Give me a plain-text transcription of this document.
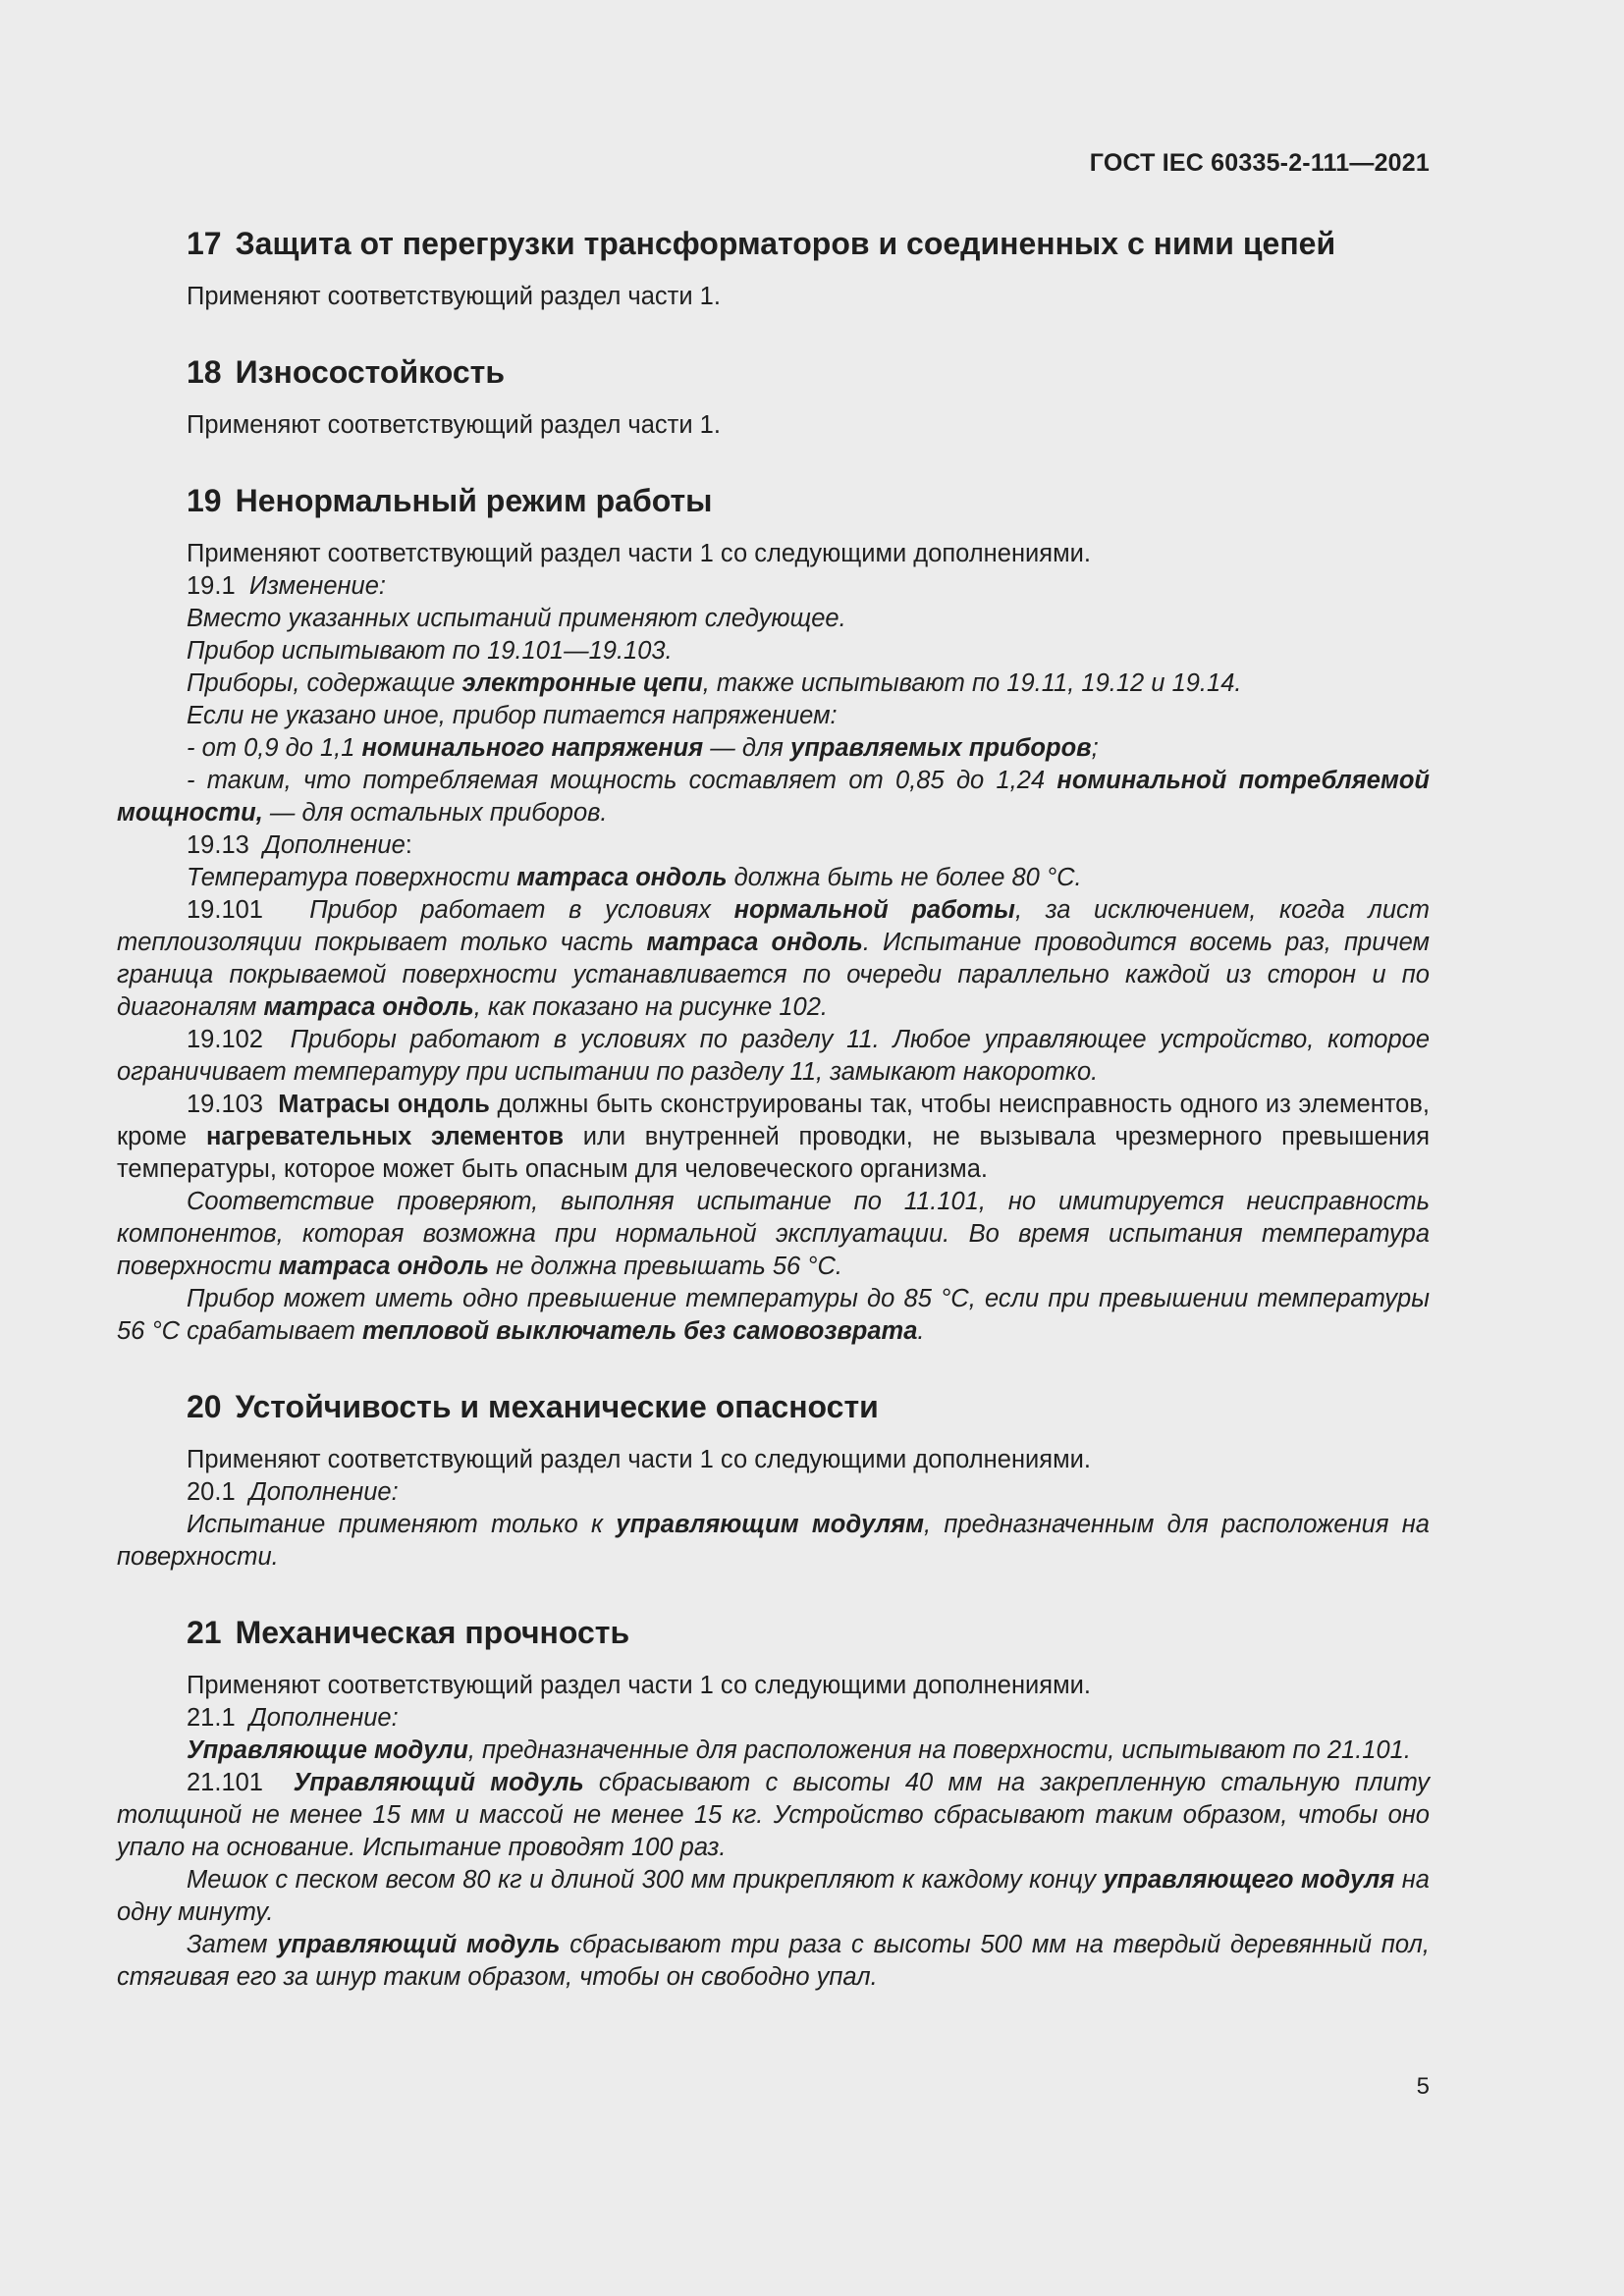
ГОСТ IEC 60335-2-111—2021
17 Защита от перегрузки трансформаторов и соединенных с ними цепей

Применяют соответствующий раздел части 1.

18 Износостойкость

Применяют соответствующий раздел части 1.

19 Ненормальный режим работы

Применяют соответствующий раздел части 1 со следующими дополнениями.

19.1 Изменение:

Вместо указанных испытаний применяют следующее.

Прибор испытывают по 19.101—19.103.

Приборы, содержащие электронные цепи, также испытывают по 19.11, 19.12 и 19.14.

Если не указано иное, прибор питается напряжением:

- от 0,9 до 1,1 номинального напряжения — для управляемых приборов;

- таким, что потребляемая мощность составляет от 0,85 до 1,24 номинальной потребляемой мощности, — для остальных приборов.

19.13 Дополнение:

Температура поверхности матраса ондоль должна быть не более 80 °С.

19.101 Прибор работает в условиях нормальной работы, за исключением, когда лист теплоизоляции покрывает только часть матраса ондоль. Испытание проводится восемь раз, причем граница покрываемой поверхности устанавливается по очереди параллельно каждой из сторон и по диагоналям матраса ондоль, как показано на рисунке 102.

19.102 Приборы работают в условиях по разделу 11. Любое управляющее устройство, которое ограничивает температуру при испытании по разделу 11, замыкают накоротко.

19.103 Матрасы ондоль должны быть сконструированы так, чтобы неисправность одного из элементов, кроме нагревательных элементов или внутренней проводки, не вызывала чрезмерного превышения температуры, которое может быть опасным для человеческого организма.

Соответствие проверяют, выполняя испытание по 11.101, но имитируется неисправность компонентов, которая возможна при нормальной эксплуатации. Во время испытания температура поверхности матраса ондоль не должна превышать 56 °С.

Прибор может иметь одно превышение температуры до 85 °С, если при превышении температуры 56 °С срабатывает тепловой выключатель без самовозврата.

20 Устойчивость и механические опасности

Применяют соответствующий раздел части 1 со следующими дополнениями.

20.1 Дополнение:

Испытание применяют только к управляющим модулям, предназначенным для расположения на поверхности.

21 Механическая прочность

Применяют соответствующий раздел части 1 со следующими дополнениями.

21.1 Дополнение:

Управляющие модули, предназначенные для расположения на поверхности, испытывают по 21.101.

21.101 Управляющий модуль сбрасывают с высоты 40 мм на закрепленную стальную плиту толщиной не менее 15 мм и массой не менее 15 кг. Устройство сбрасывают таким образом, чтобы оно упало на основание. Испытание проводят 100 раз.

Мешок с песком весом 80 кг и длиной 300 мм прикрепляют к каждому концу управляющего модуля на одну минуту.

Затем управляющий модуль сбрасывают три раза с высоты 500 мм на твердый деревянный пол, стягивая его за шнур таким образом, чтобы он свободно упал.

5
